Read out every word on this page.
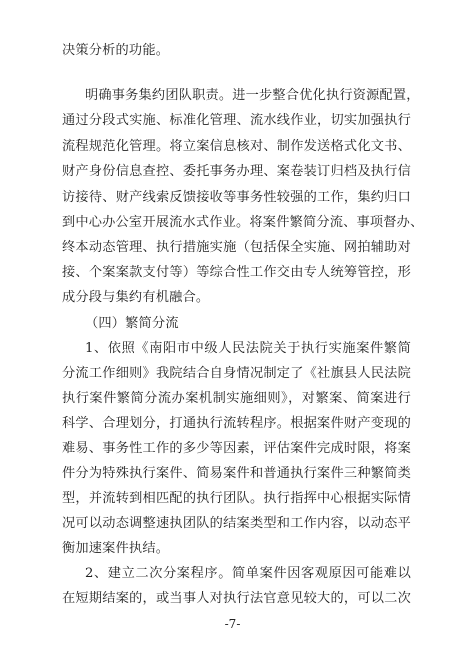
决策分析的功能。
明确事务集约团队职责。进一步整合优化执行资源配置，
通过分段式实施、标准化管理、流水线作业，切实加强执行
流程规范化管理。将立案信息核对、制作发送格式化文书、
财产身份信息查控、委托事务办理、案卷装订归档及执行信
访接待、财产线索反馈接收等事务性较强的工作，集约归口
到中心办公室开展流水式作业。将案件繁简分流、事项督办、
终本动态管理、执行措施实施（包括保全实施、网拍辅助对
接、个案案款支付等）等综合性工作交由专人统筹管控，形
成分段与集约有机融合。
（四）繁简分流
1、依照《南阳市中级人民法院关于执行实施案件繁简
分流工作细则》我院结合自身情况制定了《社旗县人民法院
执行案件繁简分流办案机制实施细则》，对繁案、简案进行
科学、合理划分，打通执行流转程序。根据案件财产变现的
难易、事务性工作的多少等因素，评估案件完成时限，将案
件分为特殊执行案件、简易案件和普通执行案件三种繁简类
型，并流转到相匹配的执行团队。执行指挥中心根据实际情
况可以动态调整速执团队的结案类型和工作内容，以动态平
衡加速案件执结。
2、建立二次分案程序。简单案件因客观原因可能难以
在短期结案的，或当事人对执行法官意见较大的，可以二次
-7-
